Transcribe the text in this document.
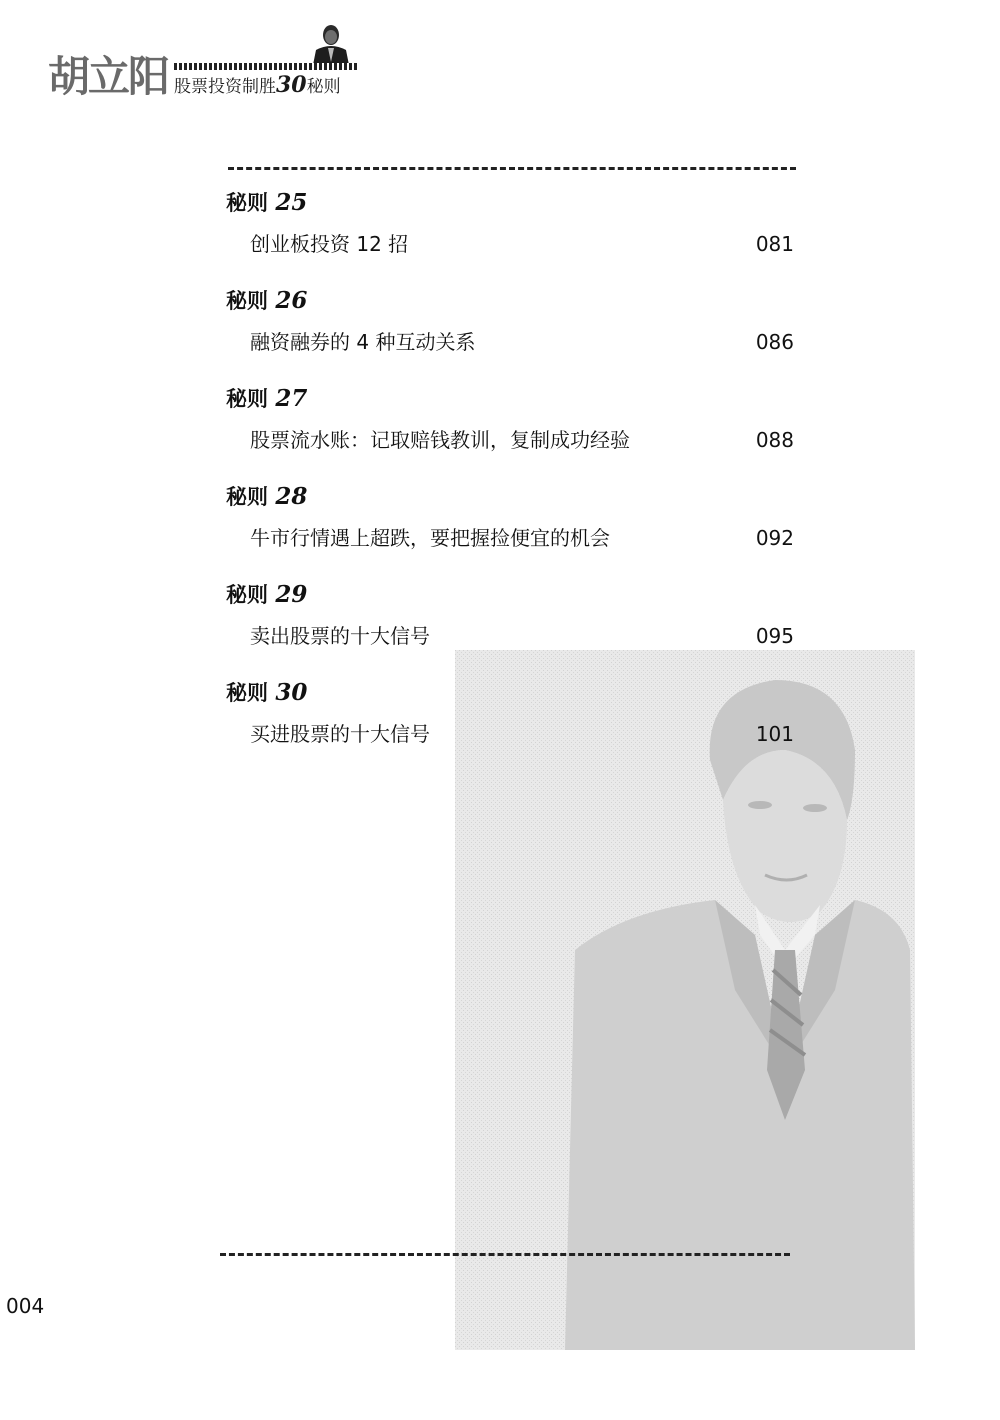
胡立阳 股票投资制胜30秘则
秘则 25
创业板投资 12 招	081
秘则 26
融资融券的 4 种互动关系	086
秘则 27
股票流水账：记取赔钱教训，复制成功经验	088
秘则 28
牛市行情遇上超跌，要把握捡便宜的机会	092
秘则 29
卖出股票的十大信号	095
秘则 30
买进股票的十大信号	101
004
